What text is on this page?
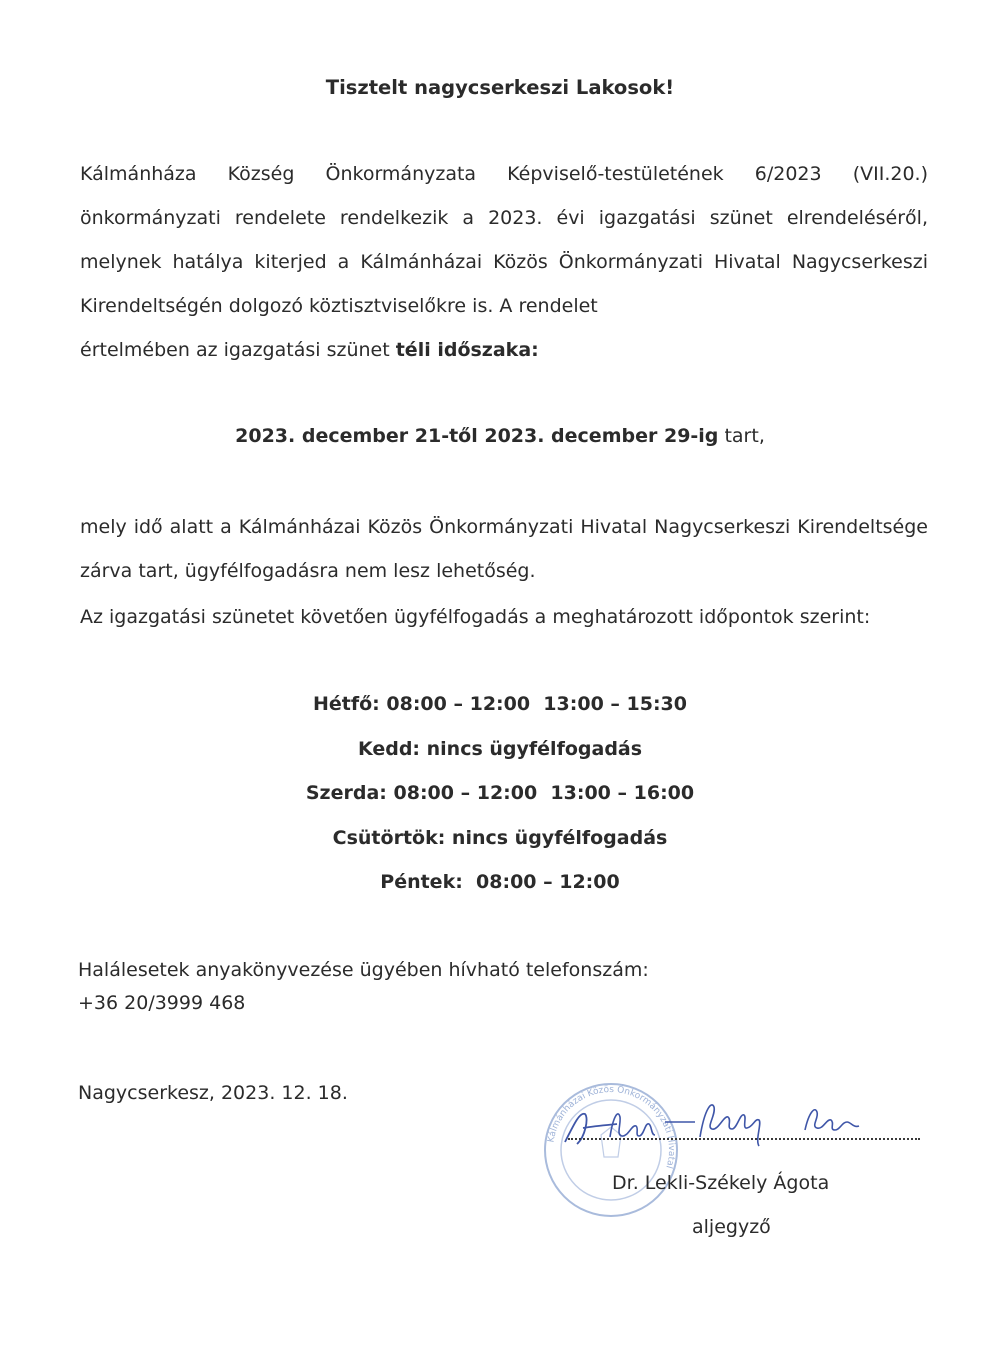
Tisztelt nagycserkeszi Lakosok!
Kálmánháza Község Önkormányzata Képviselő-testületének 6/2023 (VII.20.) önkormányzati rendelete rendelkezik a 2023. évi igazgatási szünet elrendeléséről, melynek hatálya kiterjed a Kálmánházai Közös Önkormányzati Hivatal Nagycserkeszi Kirendeltségén dolgozó köztisztviselőkre is. A rendelet
értelmében az igazgatási szünet téli időszaka:
2023. december 21-től 2023. december 29-ig tart,
mely idő alatt a Kálmánházai Közös Önkormányzati Hivatal Nagycserkeszi Kirendeltsége zárva tart, ügyfélfogadásra nem lesz lehetőség.
Az igazgatási szünetet követően ügyfélfogadás a meghatározott időpontok szerint:
Hétfő: 08:00 – 12:00  13:00 – 15:30
Kedd: nincs ügyfélfogadás
Szerda: 08:00 – 12:00  13:00 – 16:00
Csütörtök: nincs ügyfélfogadás
Péntek:  08:00 – 12:00
Halálesetek anyakönyvezése ügyében hívható telefonszám:
+36 20/3999 468
Nagycserkesz, 2023. 12. 18.
Kálmánházai Közös Önkormányzati Hivatal
Dr. Lekli-Székely Ágota
aljegyző
